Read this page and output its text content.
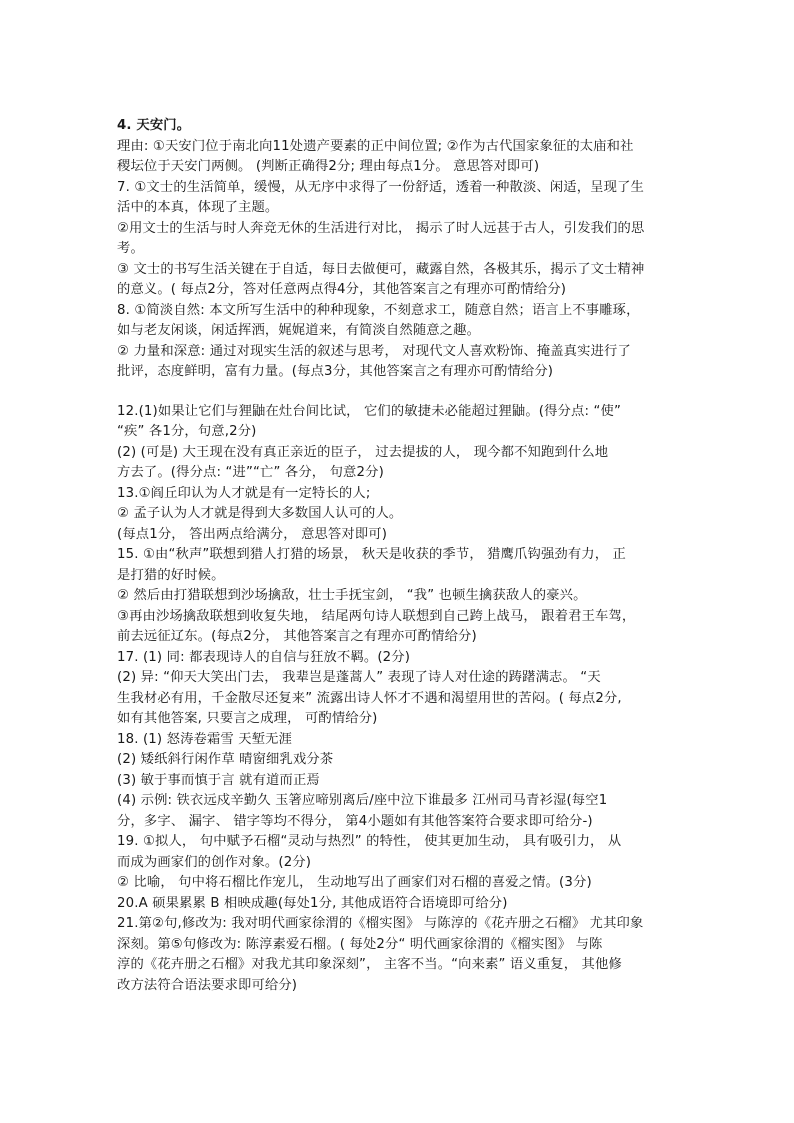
4. 天安门。
理由: ①天安门位于南北向11处遗产要素的正中间位置; ②作为古代国家象征的太庙和社
稷坛位于天安门两侧。 (判断正确得2分; 理由每点1分。 意思答对即可)
7. ①文士的生活简单，缓慢，从无序中求得了一份舒适，透着一种散淡、闲适，呈现了生
活中的本真，体现了主题。
②用文士的生活与时人奔竞无休的生活进行对比， 揭示了时人远甚于古人，引发我们的思
考。
③ 文士的书写生活关键在于自适，每日去做便可，藏露自然，各极其乐，揭示了文士精神
的意义。( 每点2分，答对任意两点得4分，其他答案言之有理亦可酌情给分)
8. ①简淡自然: 本文所写生活中的种种现象，不刻意求工，随意自然；语言上不事雕琢，
如与老友闲谈，闲适挥洒，娓娓道来，有简淡自然随意之趣。
② 力量和深意: 通过对现实生活的叙述与思考， 对现代文人喜欢粉饰、掩盖真实进行了
批评，态度鲜明，富有力量。(每点3分，其他答案言之有理亦可酌情给分)
12.(1)如果让它们与狸鼬在灶台间比试， 它们的敏捷未必能超过狸鼬。(得分点: “使”
“疾” 各1分，句意,2分)
(2) (可是) 大王现在没有真正亲近的臣子， 过去提拔的人， 现今都不知跑到什么地
方去了。(得分点: “进”“亡” 各分， 句意2分)
13.①阎丘印认为人才就是有一定特长的人;
② 孟子认为人才就是得到大多数国人认可的人。
(每点1分， 答出两点给满分， 意思答对即可)
15. ①由“秋声”联想到猎人打猎的场景， 秋天是收获的季节， 猎鹰爪钩强劲有力， 正
是打猎的好时候。
② 然后由打猎联想到沙场擒敌，壮士手抚宝剑， “我” 也顿生擒获敌人的豪兴。
③再由沙场擒敌联想到收复失地， 结尾两句诗人联想到自己跨上战马， 跟着君王车驾，
前去远征辽东。(每点2分， 其他答案言之有理亦可酌情给分)
17. (1) 同: 都表现诗人的自信与狂放不羁。(2分)
(2) 异: “仰天大笑出门去， 我辈岂是蓬蒿人” 表现了诗人对仕途的踌躇满志。 “天
生我材必有用，千金散尽还复来” 流露出诗人怀才不遇和渴望用世的苦闷。( 每点2分,
如有其他答案, 只要言之成理， 可酌情给分)
18. (1) 怒涛卷霜雪 天堑无涯
(2) 矮纸斜行闲作草 晴窗细乳戏分茶
(3) 敏于事而慎于言 就有道而正焉
(4) 示例: 铁衣远戍辛勤久 玉箸应啼别离后/座中泣下谁最多 江州司马青衫湿(每空1
分，多字、 漏字、 错字等均不得分， 第4小题如有其他答案符合要求即可给分-)
19. ①拟人， 句中赋予石榴“灵动与热烈” 的特性， 使其更加生动， 具有吸引力， 从
而成为画家们的创作对象。(2分)
② 比喻， 句中将石榴比作宠儿， 生动地写出了画家们对石榴的喜爱之情。(3分)
20.A 硕果累累 B 相映成趣(每处1分, 其他成语符合语境即可给分)
21.第②句,修改为: 我对明代画家徐渭的《榴实图》 与陈淳的《花卉册之石榴》 尤其印象
深刻。第⑤句修改为: 陈淳素爱石榴。( 每处2分“ 明代画家徐渭的《榴实图》 与陈
淳的《花卉册之石榴》对我尤其印象深刻”， 主客不当。“向来素” 语义重复， 其他修
改方法符合语法要求即可给分)
